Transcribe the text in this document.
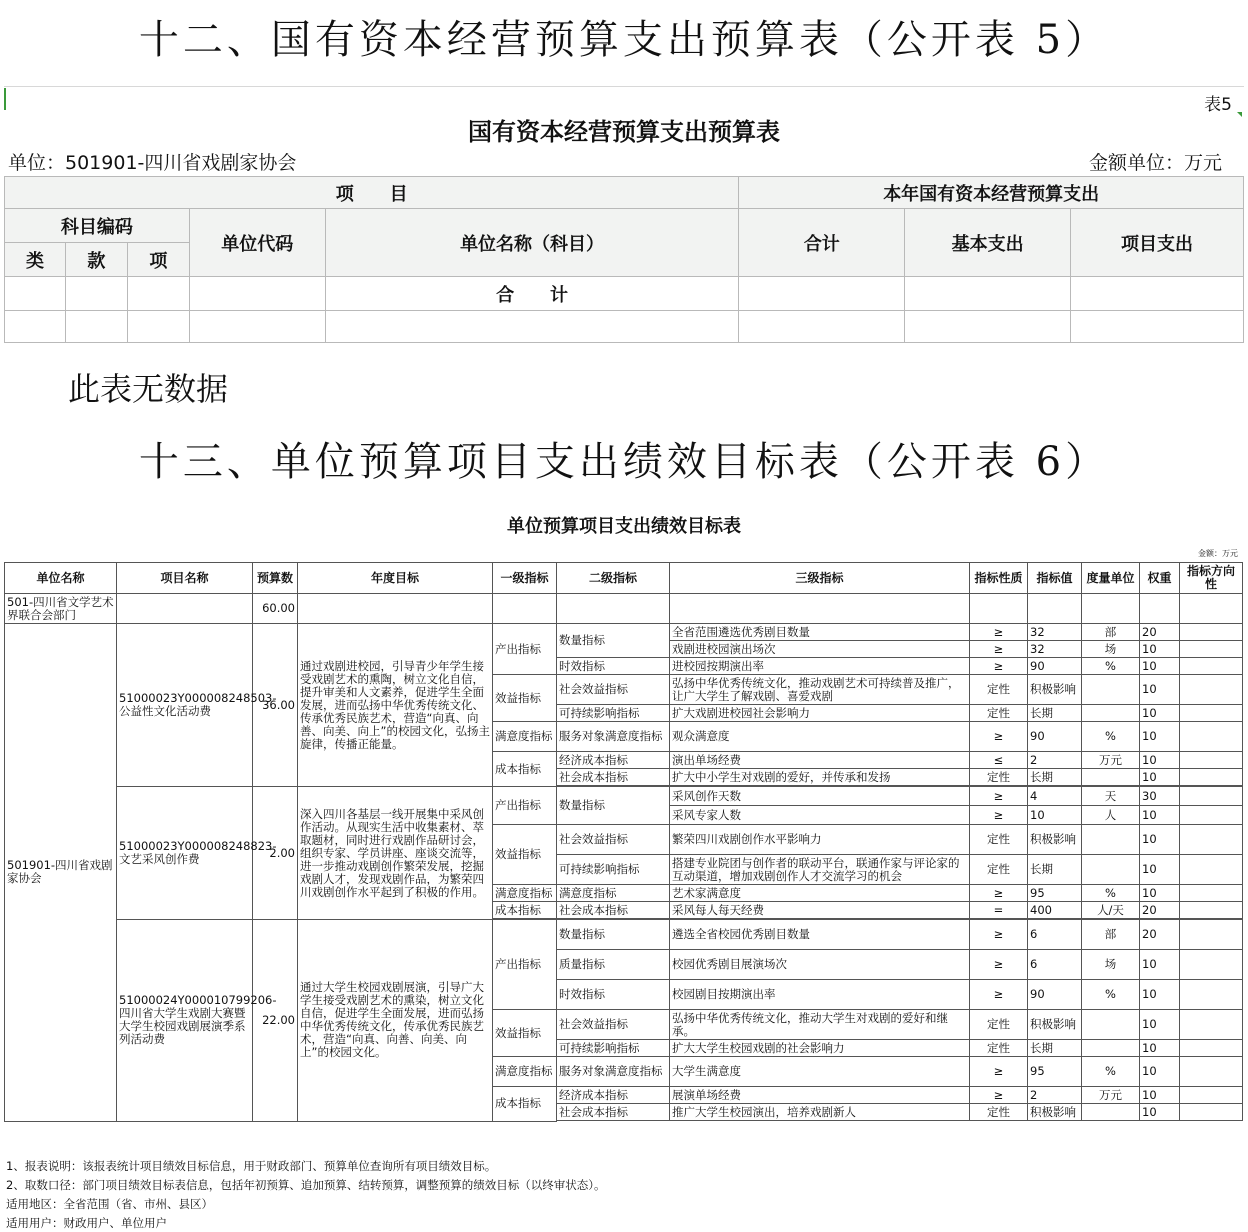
十二、国有资本经营预算支出预算表（公开表 5）
表5
国有资本经营预算支出预算表
单位：501901-四川省戏剧家协会	金额单位：万元
项　　目					本年国有资本经营预算支出		
科目编码			单位代码	单位名称（科目）	合计	基本支出	项目支出
类	款	项					
				合　　计			

此表无数据
十三、单位预算项目支出绩效目标表（公开表 6）
单位预算项目支出绩效目标表
金额：万元
单位名称	项目名称	预算数	年度目标	一级指标	二级指标	三级指标	指标性质	指标值	度量单位	权重	指标方向性
501-四川省文学艺术界联合会部门		60.00									
501901-四川省戏剧家协会	51000023Y000008248503-公益性文化活动费	36.00	通过戏剧进校园，引导青少年学生接受戏剧艺术的熏陶，树立文化自信，提升审美和人文素养，促进学生全面发展，进而弘扬中华优秀传统文化、传承优秀民族艺术，营造“向真、向善、向美、向上”的校园文化，弘扬主旋律，传播正能量。	产出指标	数量指标	全省范围遴选优秀剧目数量	≥	32	部	20	
						戏剧进校园演出场次	≥	32	场	10	
					时效指标	进校园按期演出率	≥	90	%	10	
				效益指标	社会效益指标	弘扬中华优秀传统文化，推动戏剧艺术可持续普及推广，让广大学生了解戏剧、喜爱戏剧	定性	积极影响		10	
					可持续影响指标	扩大戏剧进校园社会影响力	定性	长期		10	
				满意度指标	服务对象满意度指标	观众满意度	≥	90	%	10	
				成本指标	经济成本指标	演出单场经费	≤	2	万元	10	
					社会成本指标	扩大中小学生对戏剧的爱好，并传承和发扬	定性	长期		10	

	51000023Y000008248823-文艺采风创作费	2.00	深入四川各基层一线开展集中采风创作活动。从现实生活中收集素材、萃取题材，同时进行戏剧作品研讨会，组织专家、学员讲座、座谈交流等，进一步推动戏剧创作繁荣发展，挖掘戏剧人才，发现戏剧作品，为繁荣四川戏剧创作水平起到了积极的作用。	产出指标	数量指标	采风创作天数	≥	4	天	30	
						采风专家人数	≥	10	人	10	
				效益指标	社会效益指标	繁荣四川戏剧创作水平影响力	定性	积极影响		10	
					可持续影响指标	搭建专业院团与创作者的联动平台，联通作家与评论家的互动渠道，增加戏剧创作人才交流学习的机会	定性	长期		10	
				满意度指标	满意度指标	艺术家满意度	≥	95	%	10	
				成本指标	社会成本指标	采风每人每天经费	=	400	人/天	20	

	51000024Y000010799206-四川省大学生戏剧大赛暨大学生校园戏剧展演季系列活动费	22.00	通过大学生校园戏剧展演，引导广大学生接受戏剧艺术的熏染，树立文化自信，促进学生全面发展，进而弘扬中华优秀传统文化，传承优秀民族艺术，营造“向真、向善、向美、向上”的校园文化。	产出指标	数量指标	遴选全省校园优秀剧目数量	≥	6	部	20	
					质量指标	校园优秀剧目展演场次	≥	6	场	10	
					时效指标	校园剧目按期演出率	≥	90	%	10	
				效益指标	社会效益指标	弘扬中华优秀传统文化，推动大学生对戏剧的爱好和继承。	定性	积极影响		10	
					可持续影响指标	扩大大学生校园戏剧的社会影响力	定性	长期		10	
				满意度指标	服务对象满意度指标	大学生满意度	≥	95	%	10	
				成本指标	经济成本指标	展演单场经费	≥	2	万元	10	
					社会成本指标	推广大学生校园演出，培养戏剧新人	定性	积极影响		10	

1、报表说明：该报表统计项目绩效目标信息，用于财政部门、预算单位查询所有项目绩效目标。
2、取数口径：部门项目绩效目标表信息，包括年初预算、追加预算、结转预算，调整预算的绩效目标（以终审状态）。
适用地区：全省范围（省、市州、县区）
适用用户：财政用户、单位用户
